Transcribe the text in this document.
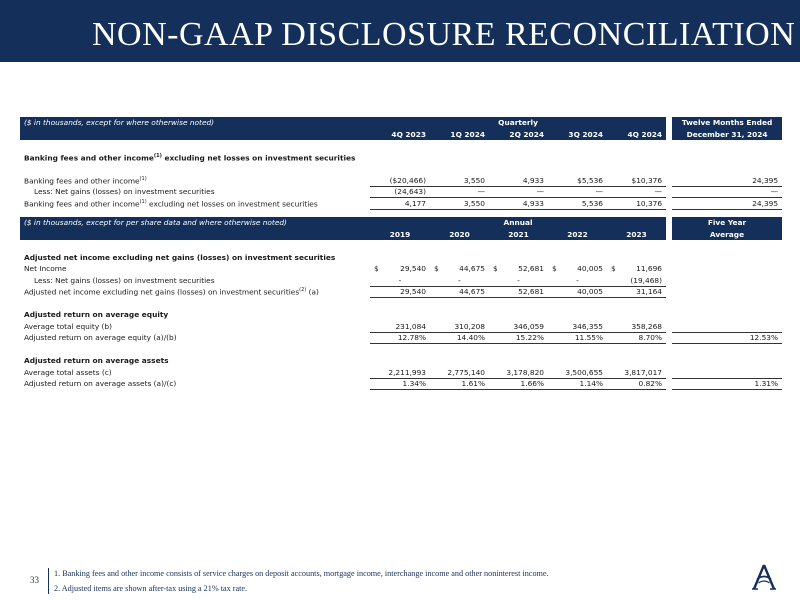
NON-GAAP DISCLOSURE RECONCILIATION
($ in thousands, except for where otherwise noted)	Quarterly						Twelve Months Ended
	4Q 2023	1Q 2024	2Q 2024	3Q 2024	4Q 2024		December 31, 2024

Banking fees and other income$^{(1)}$ excluding net losses on investment securities							

Banking fees and other income$^{(1)}$	($20,466)	3,550	4,933	$5,536	$10,376		24,395
Less: Net gains (losses) on investment securities	(24,643)	—	—	—	—		—
Banking fees and other income$^{(1)}$ excluding net losses on investment securities	4,177	3,550	4,933	5,536	10,376		24,395
($ in thousands, except for per share data and where otherwise noted)	Annual						Five Year
	2019	2020	2021	2022	2023		Average

Adjusted net income excluding net gains (losses) on investment securities							
Net Income	$ 29,540	$ 44,675	$ 52,681	$ 40,005	$ 11,696		
Less: Net gains (losses) on investment securities	-	-	-	-	(19,468)		
Adjusted net income excluding net gains (losses) on investment securities$^{(2)}$ (a)	29,540	44,675	52,681	40,005	31,164		

Adjusted return on average equity							
Average total equity (b)	231,084	310,208	346,059	346,355	358,268		
Adjusted return on average equity (a)/(b)	12.78%	14.40%	15.22%	11.55%	8.70%		12.53%

Adjusted return on average assets							
Average total assets (c)	2,211,993	2,775,140	3,178,820	3,500,655	3,817,017		
Adjusted return on average assets (a)/(c)	1.34%	1.61%	1.66%	1.14%	0.82%		1.31%
33
1. Banking fees and other income consists of service charges on deposit accounts, mortgage income, interchange income and other noninterest income.
2. Adjusted items are shown after-tax using a 21% tax rate.
